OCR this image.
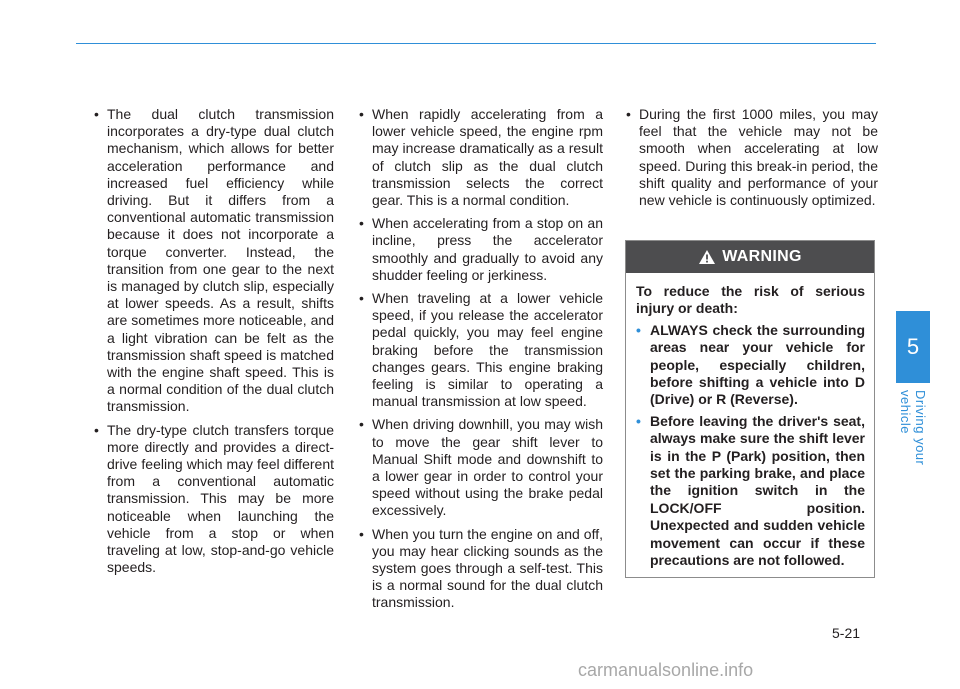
• The dual clutch transmission incorporates a dry-type dual clutch mechanism, which allows for better acceleration performance and increased fuel efficiency while driving. But it differs from a conventional automatic transmission because it does not incorporate a torque converter. Instead, the transition from one gear to the next is managed by clutch slip, especially at lower speeds. As a result, shifts are sometimes more noticeable, and a light vibration can be felt as the transmission shaft speed is matched with the engine shaft speed. This is a normal condition of the dual clutch transmission.
• The dry-type clutch transfers torque more directly and provides a direct-drive feeling which may feel different from a conventional automatic transmission. This may be more noticeable when launching the vehicle from a stop or when traveling at low, stop-and-go vehicle speeds.
• When rapidly accelerating from a lower vehicle speed, the engine rpm may increase dramatically as a result of clutch slip as the dual clutch transmission selects the correct gear. This is a normal condition.
• When accelerating from a stop on an incline, press the accelerator smoothly and gradually to avoid any shudder feeling or jerkiness.
• When traveling at a lower vehicle speed, if you release the accelerator pedal quickly, you may feel engine braking before the transmission changes gears. This engine braking feeling is similar to operating a manual transmission at low speed.
• When driving downhill, you may wish to move the gear shift lever to Manual Shift mode and downshift to a lower gear in order to control your speed without using the brake pedal excessively.
• When you turn the engine on and off, you may hear clicking sounds as the system goes through a self-test. This is a normal sound for the dual clutch transmission.
• During the first 1000 miles, you may feel that the vehicle may not be smooth when accelerating at low speed. During this break-in period, the shift quality and performance of your new vehicle is continuously optimized.
WARNING

To reduce the risk of serious injury or death:

• ALWAYS check the surrounding areas near your vehicle for people, especially children, before shifting a vehicle into D (Drive) or R (Reverse).
• Before leaving the driver's seat, always make sure the shift lever is in the P (Park) position, then set the parking brake, and place the ignition switch in the LOCK/OFF position. Unexpected and sudden vehicle movement can occur if these precautions are not followed.
5
Driving your vehicle
5-21
carmanualsonline.info
